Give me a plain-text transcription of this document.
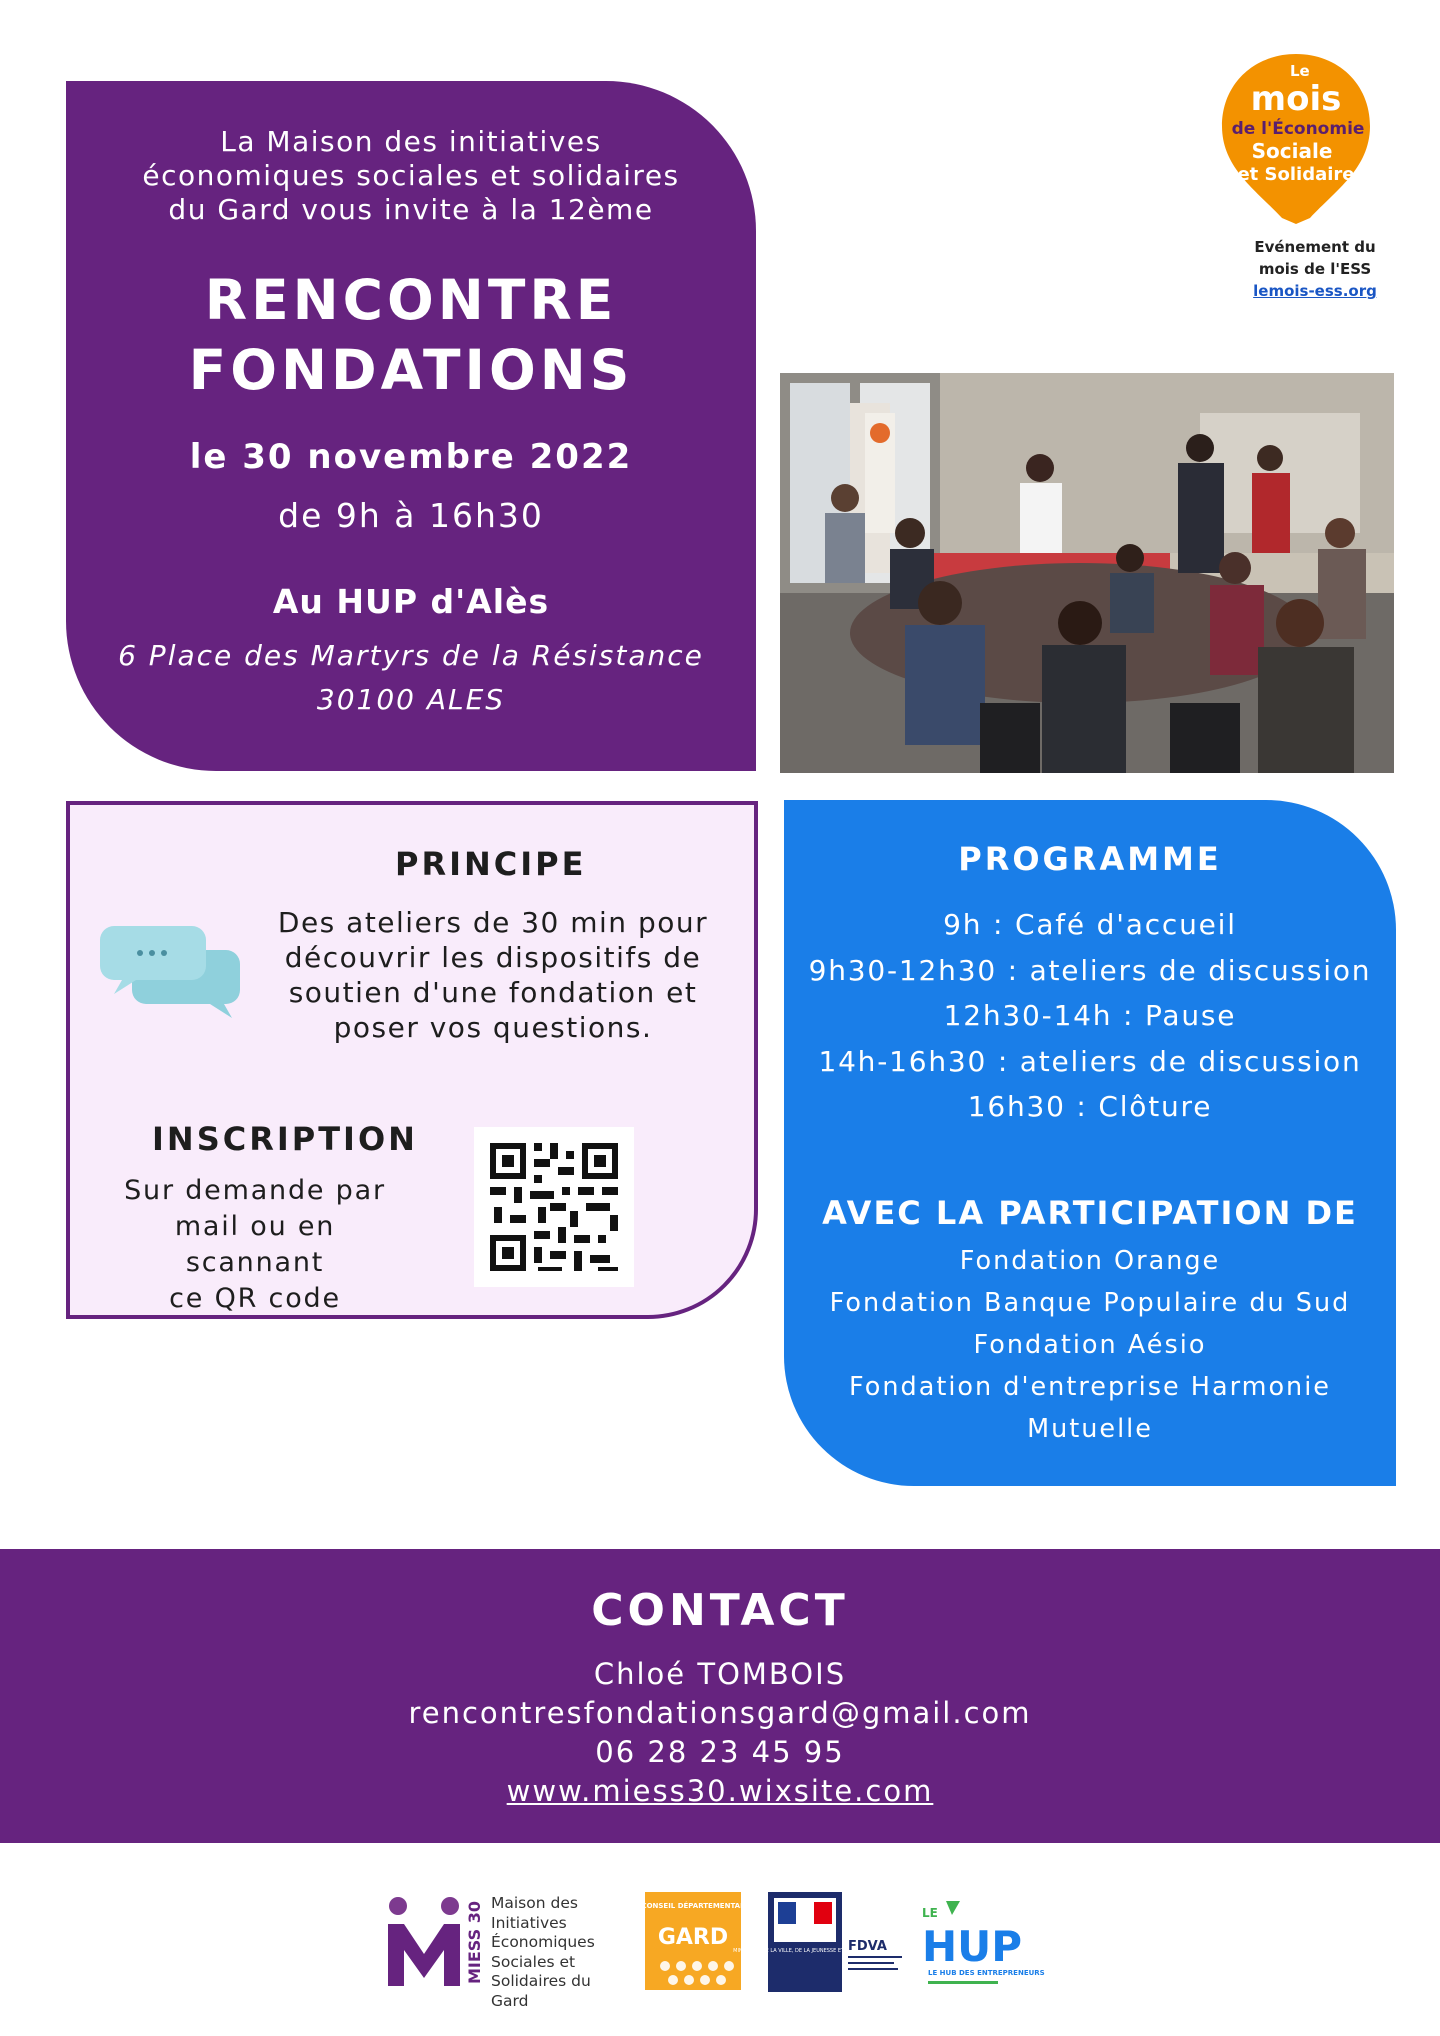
La Maison des initiatives
économiques sociales et solidaires
du Gard vous invite à la 12ème
RENCONTRE
FONDATIONS
le 30 novembre 2022
de 9h à 16h30
Au HUP d'Alès
6 Place des Martyrs de la Résistance
30100 ALES
Le
mois
de l'Économie
Sociale
et Solidaire
Evénement du
mois de l'ESS
lemois-ess.org
PRINCIPE
Des ateliers de 30 min pour
découvrir les dispositifs de
soutien d'une fondation et
poser vos questions.
INSCRIPTION
Sur demande par
mail ou en scannant
ce QR code
PROGRAMME
9h : Café d'accueil
9h30-12h30 : ateliers de discussion
12h30-14h : Pause
14h-16h30 : ateliers de discussion
16h30 : Clôture
AVEC LA PARTICIPATION DE
Fondation Orange
Fondation Banque Populaire du Sud
Fondation Aésio
Fondation d'entreprise Harmonie
Mutuelle
CONTACT
Chloé TOMBOIS
rencontresfondationsgard@gmail.com
06 28 23 45 95
www.miess30.wixsite.com
MIESS 30 Maison des
Initiatives
Économiques
Sociales et
Solidaires du Gard
CONSEIL DÉPARTEMENTAL
GARD
MINISTÈRE DE LA VILLE, DE LA JEUNESSE ET DES SPORTS
FDVA
LE
HUP
LE HUB DES ENTREPRENEURS
